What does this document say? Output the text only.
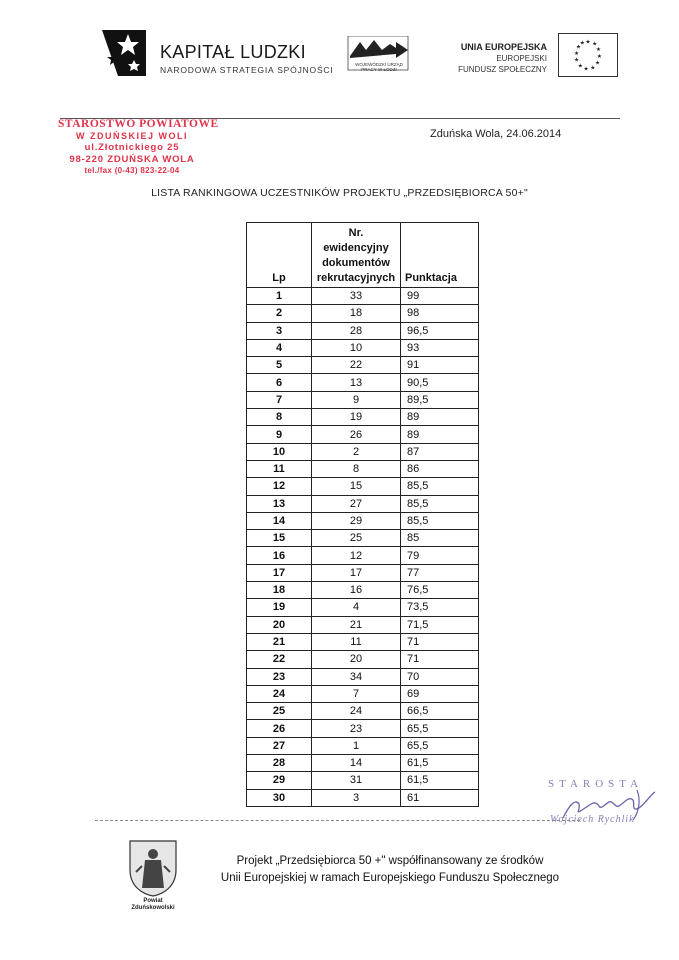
KAPITAŁ LUDZKI
NARODOWA STRATEGIA SPÓJNOŚCI
WOJEWÓDZKI URZĄD PRACY W ŁODZI
UNIA EUROPEJSKA
EUROPEJSKI
FUNDUSZ SPOŁECZNY
★ ★
★
★
★
★
★
★
★
★
★
★
STAROSTWO POWIATOWE
W ZDUŃSKIEJ WOLI
ul.Złotnickiego 25
98-220 ZDUŃSKA WOLA
tel./fax (0-43) 823-22-04
Zduńska Wola, 24.06.2014
LISTA RANKINGOWA UCZESTNIKÓW PROJEKTU „PRZEDSIĘBIORCA 50+"
Lp	Nr.
ewidencyjny
dokumentów
rekrutacyjnych	Punktacja
1	33	99
2	18	98
3	28	96,5
4	10	93
5	22	91
6	13	90,5
7	9	89,5
8	19	89
9	26	89
10	2	87
11	8	86
12	15	85,5
13	27	85,5
14	29	85,5
15	25	85
16	12	79
17	17	77
18	16	76,5
19	4	73,5
20	21	71,5
21	11	71
22	20	71
23	34	70
24	7	69
25	24	66,5
26	23	65,5
27	1	65,5
28	14	61,5
29	31	61,5
30	3	61
STAROSTA
Wojciech Rychlik
Powiat
Zduńskowolski
Projekt „Przedsiębiorca 50 +" współfinansowany ze środków
Unii Europejskiej w ramach Europejskiego Funduszu Społecznego
